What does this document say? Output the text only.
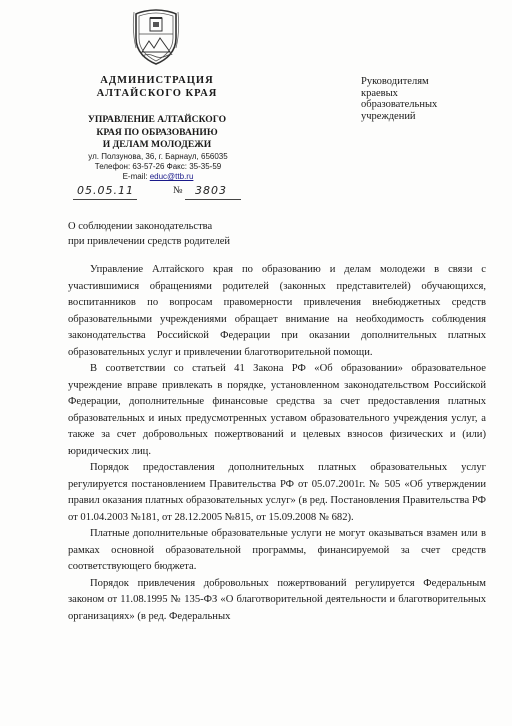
АДМИНИСТРАЦИЯ
АЛТАЙСКОГО КРАЯ
УПРАВЛЕНИЕ АЛТАЙСКОГО
КРАЯ ПО ОБРАЗОВАНИЮ
И ДЕЛАМ МОЛОДЕЖИ
ул. Ползунова, 36, г. Барнаул, 656035
Телефон: 63-57-26 Факс: 35-35-59
E-mail: educ@ttb.ru
05.05.11	№ 3803
Руководителям
краевых
образовательных
учреждений
О соблюдении законодательства
при привлечении средств родителей

Управление Алтайского края по образованию и делам молодежи в связи с участившимися обращениями родителей (законных представителей) обучающихся, воспитанников по вопросам правомерности привлечения внебюджетных средств образовательными учреждениями обращает внимание на необходимость соблюдения законодательства Российской Федерации при оказании дополнительных платных образовательных услуг и привлечении благотворительной помощи.

В соответствии со статьей 41 Закона РФ «Об образовании» образовательное учреждение вправе привлекать в порядке, установленном законодательством Российской Федерации, дополнительные финансовые средства за счет предоставления платных образовательных и иных предусмотренных уставом образовательного учреждения услуг, а также за счет добровольных пожертвований и целевых взносов физических и (или) юридических лиц.

Порядок предоставления дополнительных платных образовательных услуг регулируется постановлением Правительства РФ от 05.07.2001г. № 505 «Об утверждении правил оказания платных образовательных услуг» (в ред. Постановления Правительства РФ от 01.04.2003 №181, от 28.12.2005 №815, от 15.09.2008 № 682).

Платные дополнительные образовательные услуги не могут оказываться взамен или в рамках основной образовательной программы, финансируемой за счет средств соответствующего бюджета.

Порядок привлечения добровольных пожертвований регулируется Федеральным законом от 11.08.1995 № 135-ФЗ «О благотворительной деятельности и благотворительных организациях» (в ред. Федеральных
